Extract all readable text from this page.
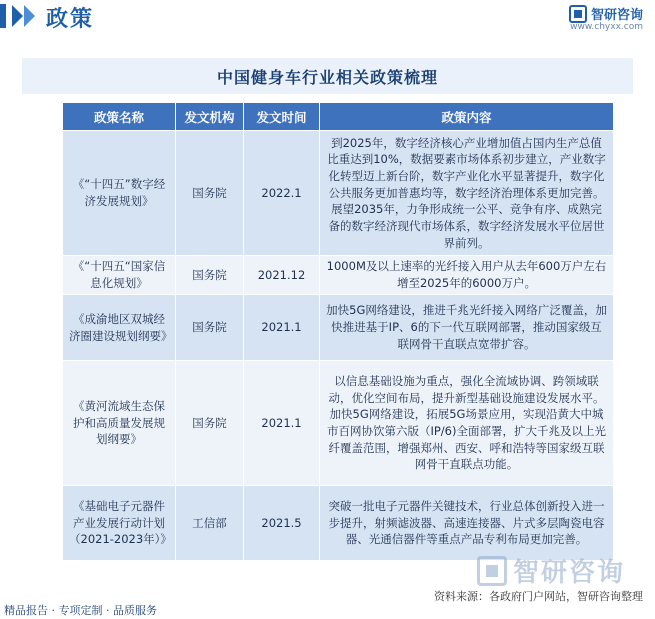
政策	智研咨询
www.chyxx.com
中国健身车行业相关政策梳理
政策名称	发文机构	发文时间	政策内容
《“十四五”数字经济发展规划》	国务院	2022.1	到2025年，数字经济核心产业增加值占国内生产总值比重达到10%，数据要素市场体系初步建立，产业数字化转型迈上新台阶，数字产业化水平显著提升，数字化公共服务更加普惠均等，数字经济治理体系更加完善。展望2035年，力争形成统一公平、竞争有序、成熟完备的数字经济现代市场体系，数字经济发展水平位居世界前列。
《“十四五“国家信息化规划》	国务院	2021.12	1000M及以上速率的光纤接入用户从去年600万户左右增至2025年的6000万户。
《成渝地区双城经济圈建设规划纲要》	国务院	2021.1	加快5G网络建设，推进千兆光纤接入网络广泛覆盖，加快推进基于IP、6的下一代互联网部署，推动国家级互联网骨干直联点宽带扩容。
《黄河流域生态保护和高质量发展规划纲要》	国务院	2021.1	以信息基础设施为重点，强化全流域协调、跨领域联动，优化空间布局，提升新型基础设施建设发展水平。加快5G网络建设，拓展5G场景应用，实现沿黄大中城市百网协饮第六版（IP/6)全面部署，扩大千兆及以上光纤覆盖范围，增强郑州、西安、呼和浩特等国家级互联网骨干直联点功能。
《基础电子元器件产业发展行动计划（2021-2023年）》	工信部	2021.5	突破一批电子元器件关键技术，行业总体创新投入进一步提升，射频滤波器、高速连接器、片式多层陶瓷电容器、光通信器件等重点产品专利布局更加完善。
智研咨询
资料来源：各政府门户网站，智研咨询整理
精品报告 · 专项定制 · 品质服务
